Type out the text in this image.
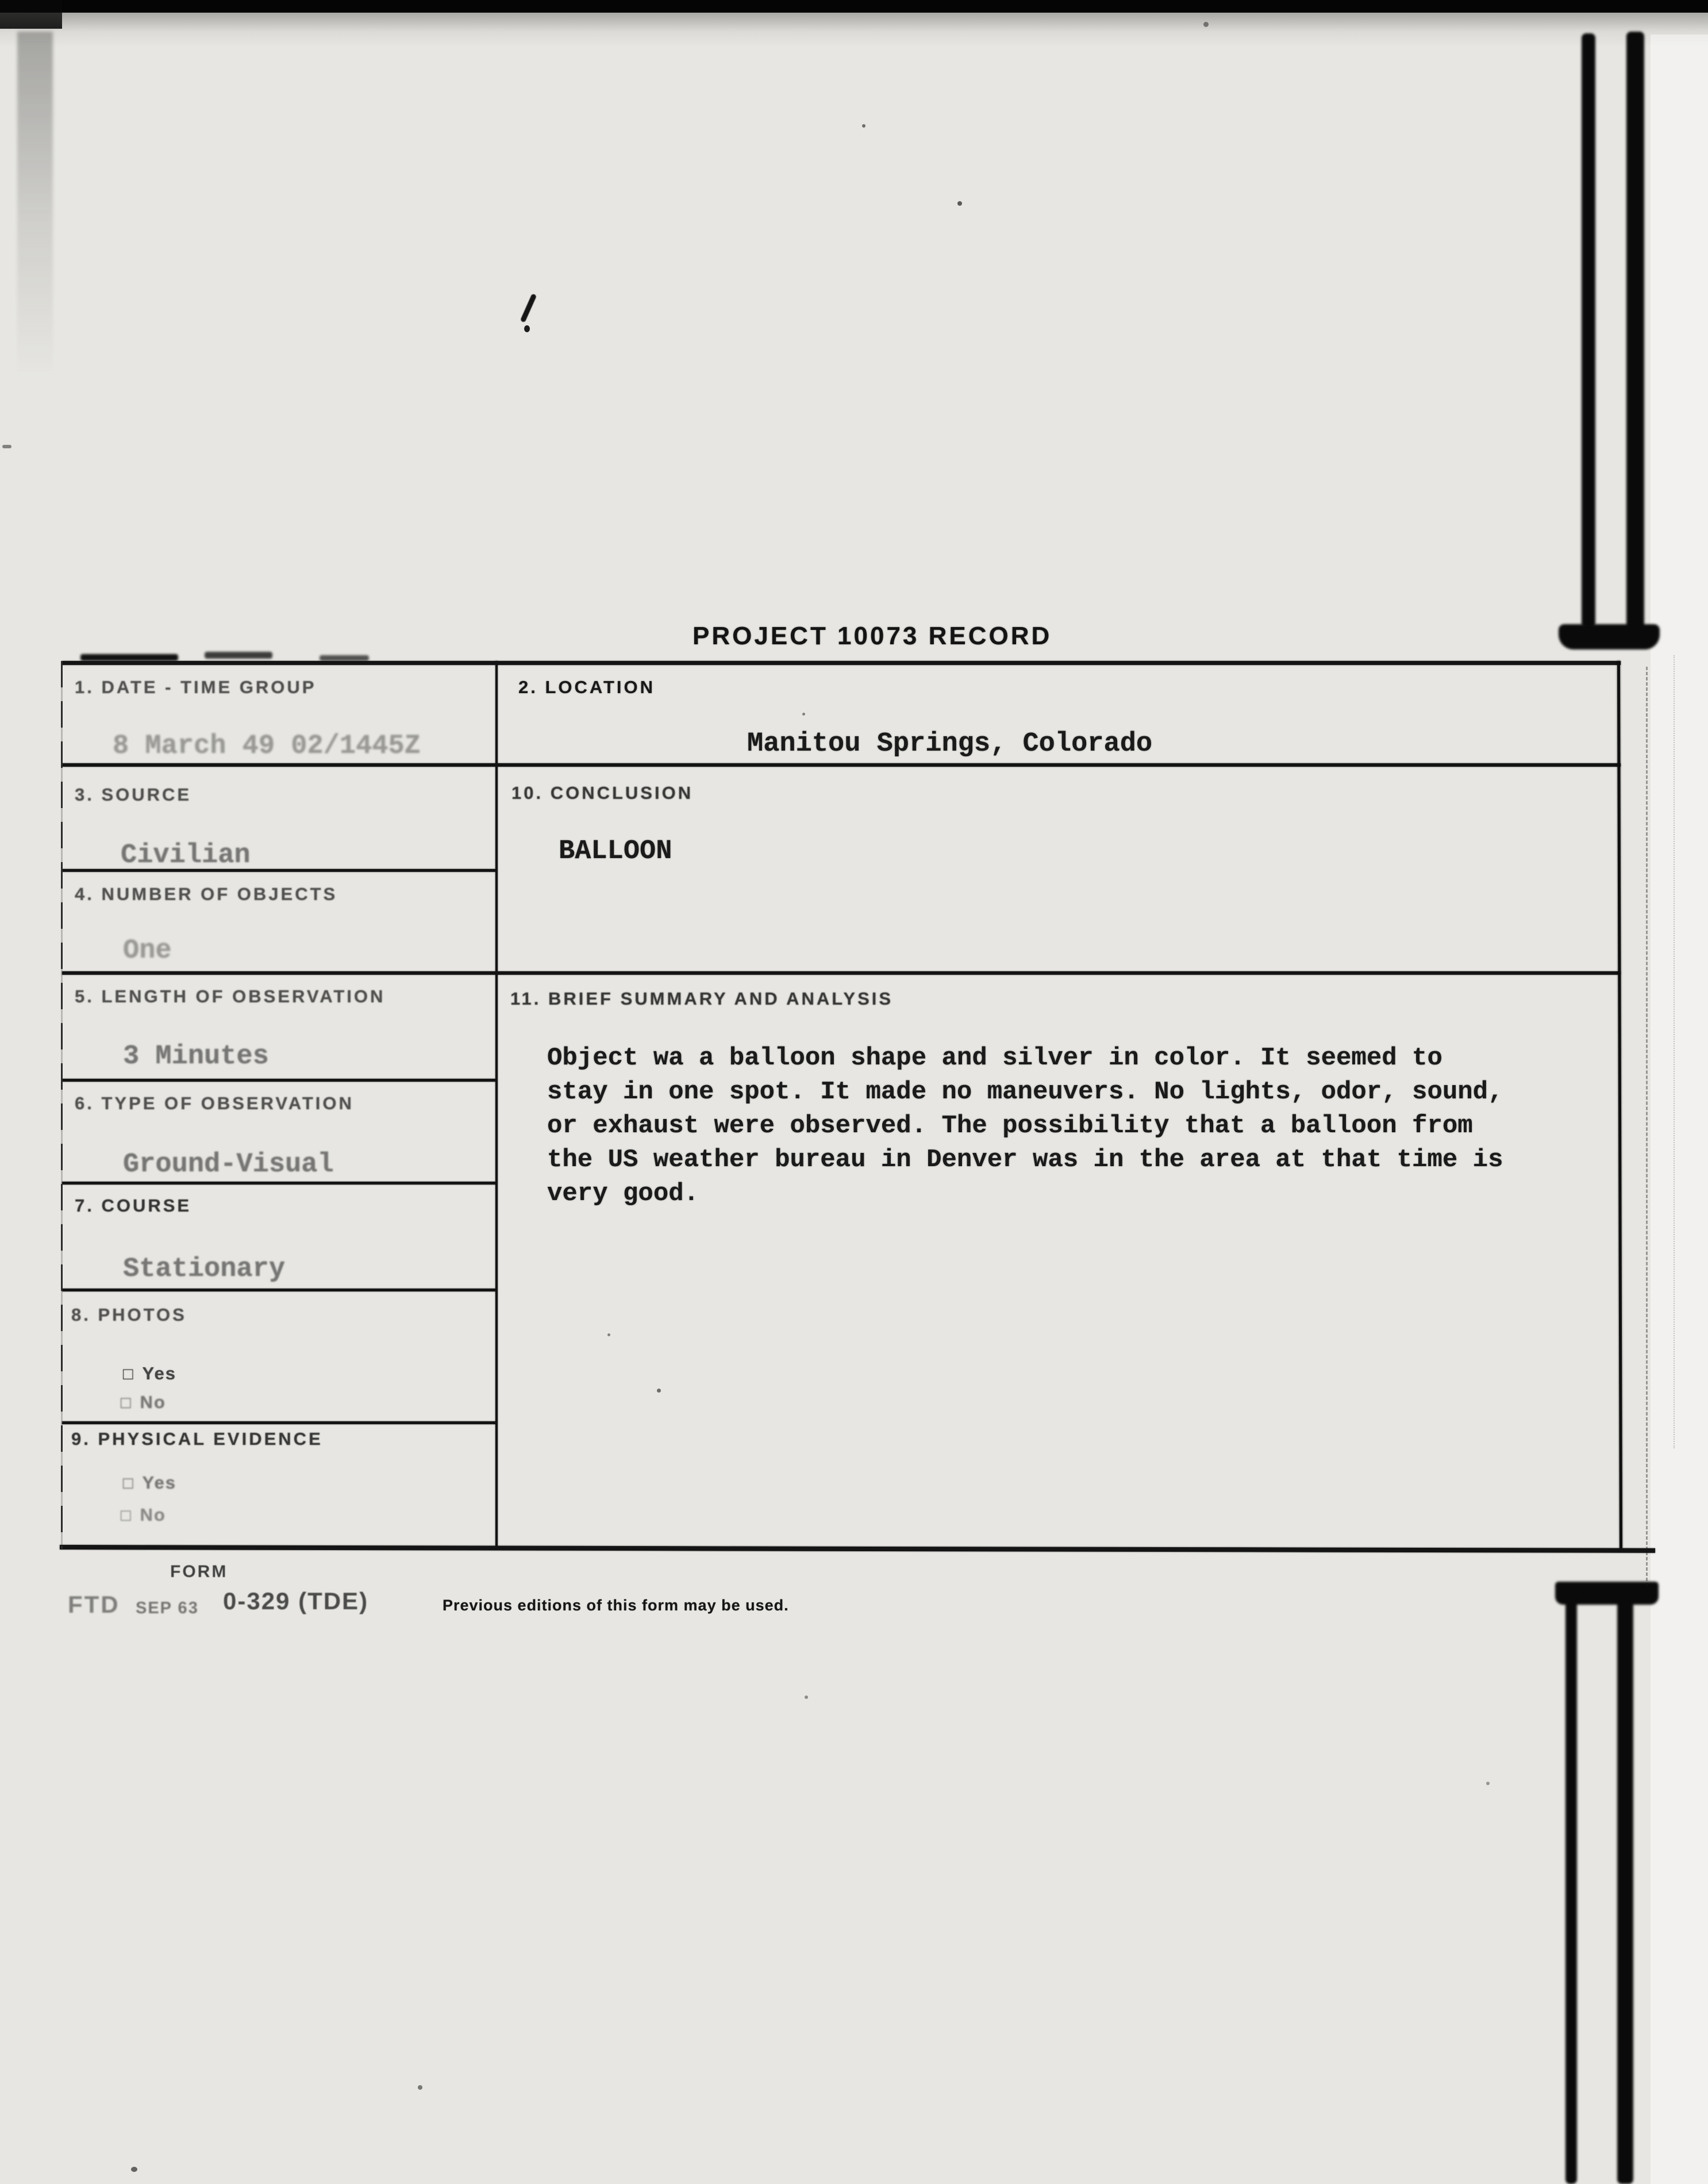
PROJECT 10073 RECORD
1. DATE - TIME GROUP
8 March 49 02/1445Z
2. LOCATION
Manitou Springs, Colorado
3. SOURCE
Civilian
10. CONCLUSION
BALLOON
4. NUMBER OF OBJECTS
One
5. LENGTH OF OBSERVATION
3 Minutes
11. BRIEF SUMMARY AND ANALYSIS
Object wa a balloon shape and silver in color. It seemed to
stay in one spot. It made no maneuvers. No lights, odor, sound,
or exhaust were observed. The possibility that a balloon from
the US weather bureau in Denver was in the area at that time is
very good.
6. TYPE OF OBSERVATION
Ground-Visual
7. COURSE
Stationary
8. PHOTOS
□ Yes
□ No
9. PHYSICAL EVIDENCE
□ Yes
□ No
FORM
FTD SEP 63 0-329 (TDE)	Previous editions of this form may be used.
